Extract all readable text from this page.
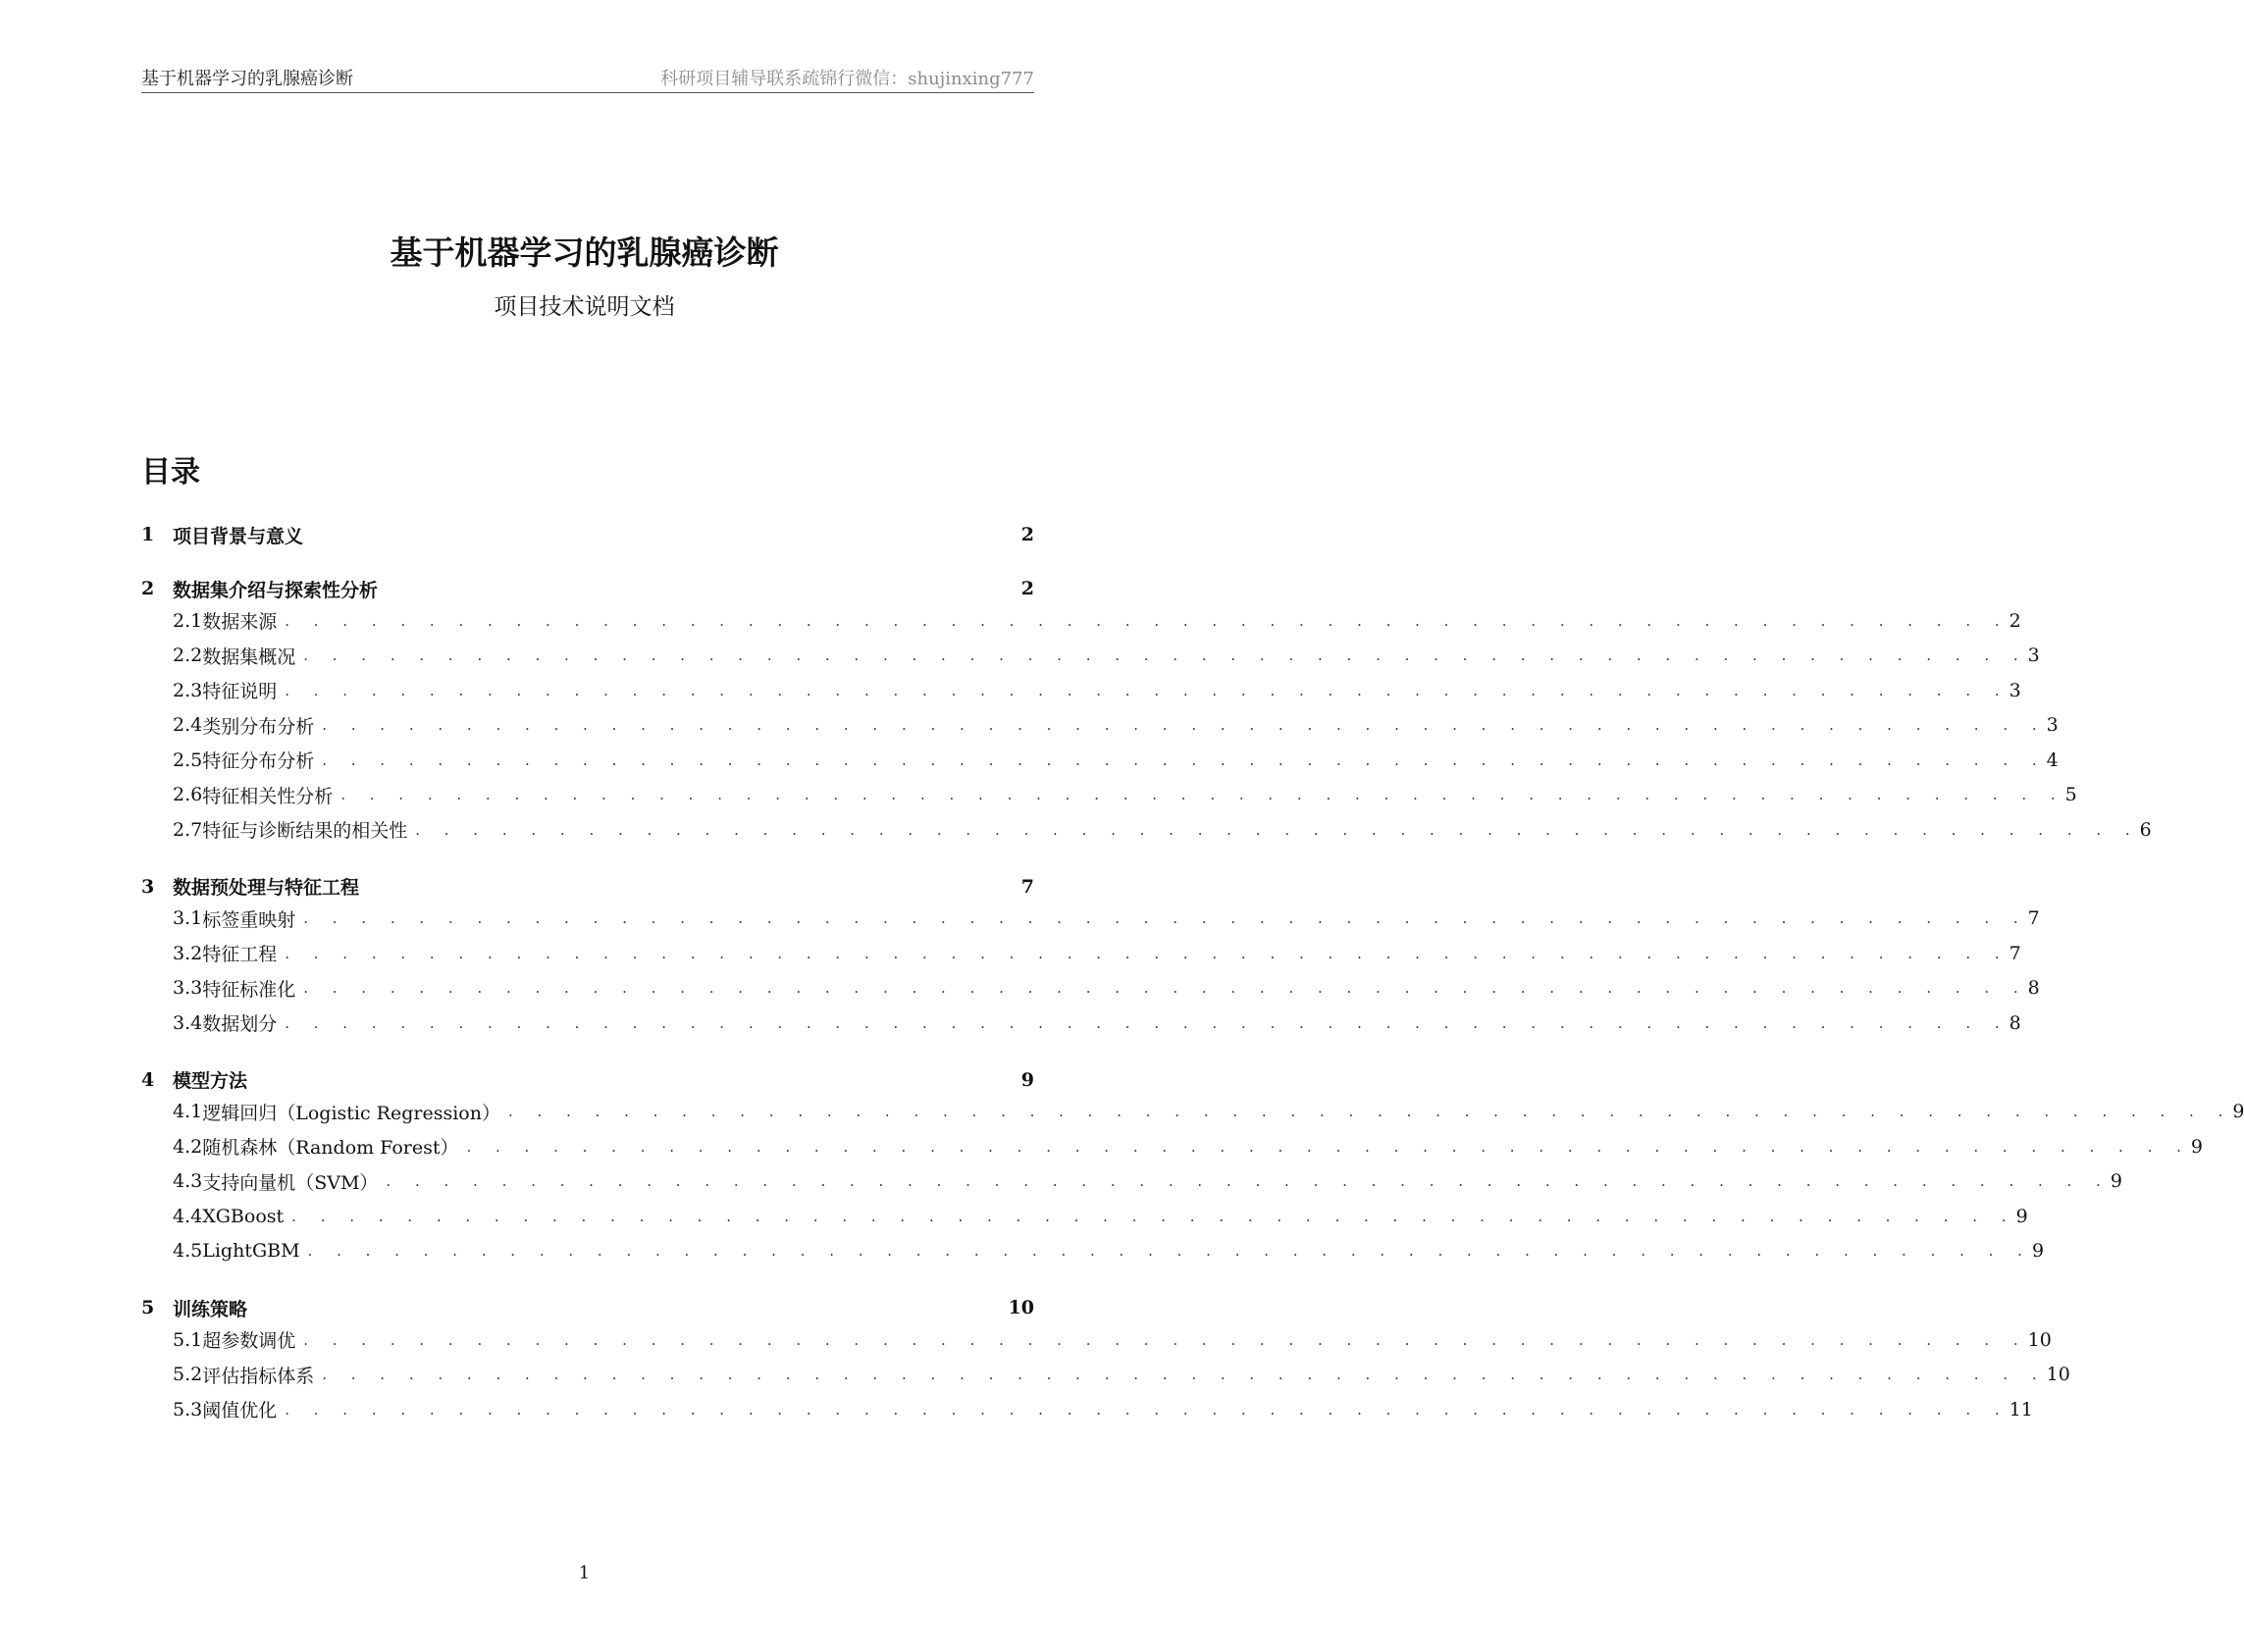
基于机器学习的乳腺癌诊断	科研项目辅导联系疏锦行微信：shujinxing777
基于机器学习的乳腺癌诊断
项目技术说明文档
目录
1 项目背景与意义	2
2 数据集介绍与探索性分析	2
2.1 数据来源 . . . . . . . . . . . . . . . . . . . . . . . . . . . . . . . . . . . . . . . . . . . . . . . . . . . . . . . . . . . . 2
2.2 数据集概况 . . . . . . . . . . . . . . . . . . . . . . . . . . . . . . . . . . . . . . . . . . . . . . . . . . . . . . . . . . . . 3
2.3 特征说明 . . . . . . . . . . . . . . . . . . . . . . . . . . . . . . . . . . . . . . . . . . . . . . . . . . . . . . . . . . . . 3
2.4 类别分布分析 . . . . . . . . . . . . . . . . . . . . . . . . . . . . . . . . . . . . . . . . . . . . . . . . . . . . . . . . . . . . 3
2.5 特征分布分析 . . . . . . . . . . . . . . . . . . . . . . . . . . . . . . . . . . . . . . . . . . . . . . . . . . . . . . . . . . . . 4
2.6 特征相关性分析 . . . . . . . . . . . . . . . . . . . . . . . . . . . . . . . . . . . . . . . . . . . . . . . . . . . . . . . . . . . . 5
2.7 特征与诊断结果的相关性 . . . . . . . . . . . . . . . . . . . . . . . . . . . . . . . . . . . . . . . . . . . . . . . . . . . . . . . . . . . . 6
3 数据预处理与特征工程	7
3.1 标签重映射 . . . . . . . . . . . . . . . . . . . . . . . . . . . . . . . . . . . . . . . . . . . . . . . . . . . . . . . . . . . . 7
3.2 特征工程 . . . . . . . . . . . . . . . . . . . . . . . . . . . . . . . . . . . . . . . . . . . . . . . . . . . . . . . . . . . . 7
3.3 特征标准化 . . . . . . . . . . . . . . . . . . . . . . . . . . . . . . . . . . . . . . . . . . . . . . . . . . . . . . . . . . . . 8
3.4 数据划分 . . . . . . . . . . . . . . . . . . . . . . . . . . . . . . . . . . . . . . . . . . . . . . . . . . . . . . . . . . . . 8
4 模型方法	9
4.1 逻辑回归（Logistic Regression） . . . . . . . . . . . . . . . . . . . . . . . . . . . . . . . . . . . . . . . . . . . . . . . . . . . . . . . . . . . . 9
4.2 随机森林（Random Forest） . . . . . . . . . . . . . . . . . . . . . . . . . . . . . . . . . . . . . . . . . . . . . . . . . . . . . . . . . . . . 9
4.3 支持向量机（SVM） . . . . . . . . . . . . . . . . . . . . . . . . . . . . . . . . . . . . . . . . . . . . . . . . . . . . . . . . . . . . 9
4.4 XGBoost . . . . . . . . . . . . . . . . . . . . . . . . . . . . . . . . . . . . . . . . . . . . . . . . . . . . . . . . . . . . 9
4.5 LightGBM . . . . . . . . . . . . . . . . . . . . . . . . . . . . . . . . . . . . . . . . . . . . . . . . . . . . . . . . . . . . 9
5 训练策略	10
5.1 超参数调优 . . . . . . . . . . . . . . . . . . . . . . . . . . . . . . . . . . . . . . . . . . . . . . . . . . . . . . . . . . . . 10
5.2 评估指标体系 . . . . . . . . . . . . . . . . . . . . . . . . . . . . . . . . . . . . . . . . . . . . . . . . . . . . . . . . . . . . 10
5.3 阈值优化 . . . . . . . . . . . . . . . . . . . . . . . . . . . . . . . . . . . . . . . . . . . . . . . . . . . . . . . . . . . . 11
1
